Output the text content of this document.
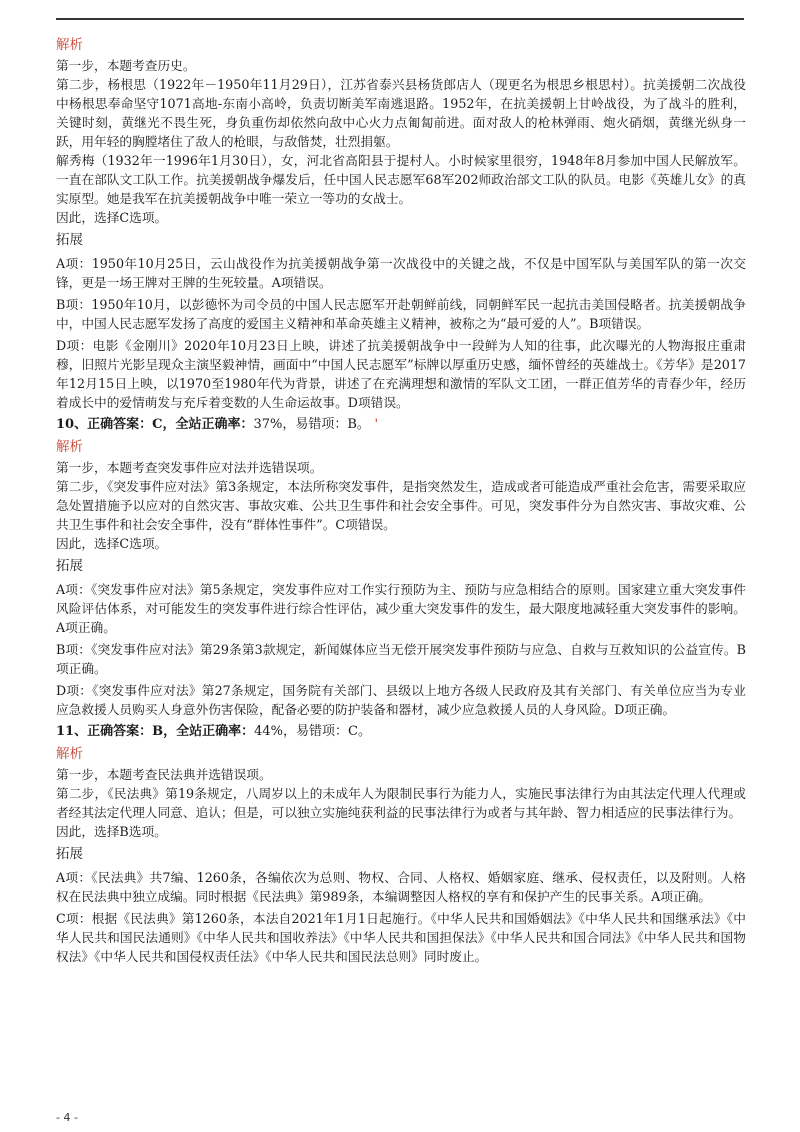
解析

第一步，本题考查历史。

第二步，杨根思（1922年－1950年11月29日），江苏省泰兴县杨货郎店人（现更名为根思乡根思村）。抗美援朝二次战役中杨根思奉命坚守1071高地-东南小高岭，负责切断美军南逃退路。1952年，在抗美援朝上甘岭战役，为了战斗的胜利，关键时刻，黄继光不畏生死，身负重伤却依然向敌中心火力点匍匐前进。面对敌人的枪林弹雨、炮火硝烟，黄继光纵身一跃，用年轻的胸膛堵住了敌人的枪眼，与敌偕焚，壮烈捐躯。

解秀梅（1932年一1996年1月30日），女，河北省高阳县于提村人。小时候家里很穷，1948年8月参加中国人民解放军。一直在部队文工队工作。抗美援朝战争爆发后，任中国人民志愿军68军202师政治部文工队的队员。电影《英雄儿女》的真实原型。她是我军在抗美援朝战争中唯一荣立一等功的女战士。

因此，选择C选项。

拓展

A项：1950年10月25日，云山战役作为抗美援朝战争第一次战役中的关键之战，不仅是中国军队与美国军队的第一次交锋，更是一场王牌对王牌的生死较量。A项错误。

B项：1950年10月，以彭德怀为司令员的中国人民志愿军开赴朝鲜前线，同朝鲜军民一起抗击美国侵略者。抗美援朝战争中，中国人民志愿军发扬了高度的爱国主义精神和革命英雄主义精神，被称之为“最可爱的人”。B项错误。

D项：电影《金刚川》2020年10月23日上映，讲述了抗美援朝战争中一段鲜为人知的往事，此次曝光的人物海报庄重肃穆，旧照片光影呈现众主演坚毅神情，画面中“中国人民志愿军”标牌以厚重历史感，缅怀曾经的英雄战士。《芳华》是2017年12月15日上映，以1970至1980年代为背景，讲述了在充满理想和激情的军队文工团，一群正值芳华的青春少年，经历着成长中的爱情萌发与充斥着变数的人生命运故事。D项错误。

10、正确答案：C，全站正确率：37%，易错项：B。 '

解析

第一步，本题考查突发事件应对法并选错误项。

第二步，《突发事件应对法》第3条规定，本法所称突发事件，是指突然发生，造成或者可能造成严重社会危害，需要采取应急处置措施予以应对的自然灾害、事故灾难、公共卫生事件和社会安全事件。可见，突发事件分为自然灾害、事故灾难、公共卫生事件和社会安全事件，没有“群体性事件”。C项错误。

因此，选择C选项。

拓展

A项：《突发事件应对法》第5条规定，突发事件应对工作实行预防为主、预防与应急相结合的原则。国家建立重大突发事件风险评估体系，对可能发生的突发事件进行综合性评估，减少重大突发事件的发生，最大限度地减轻重大突发事件的影响。A项正确。

B项：《突发事件应对法》第29条第3款规定，新闻媒体应当无偿开展突发事件预防与应急、自救与互救知识的公益宣传。B项正确。

D项：《突发事件应对法》第27条规定，国务院有关部门、县级以上地方各级人民政府及其有关部门、有关单位应当为专业应急救援人员购买人身意外伤害保险，配备必要的防护装备和器材，减少应急救援人员的人身风险。D项正确。

11、正确答案：B，全站正确率：44%，易错项：C。

解析

第一步，本题考查民法典并选错误项。

第二步，《民法典》第19条规定，八周岁以上的未成年人为限制民事行为能力人，实施民事法律行为由其法定代理人代理或者经其法定代理人同意、追认；但是，可以独立实施纯获利益的民事法律行为或者与其年龄、智力相适应的民事法律行为。

因此，选择B选项。

拓展

A项：《民法典》共7编、1260条，各编依次为总则、物权、合同、人格权、婚姻家庭、继承、侵权责任，以及附则。人格权在民法典中独立成编。同时根据《民法典》第989条，本编调整因人格权的享有和保护产生的民事关系。A项正确。

C项：根据《民法典》第1260条，本法自2021年1月1日起施行。《中华人民共和国婚姻法》《中华人民共和国继承法》《中华人民共和国民法通则》《中华人民共和国收养法》《中华人民共和国担保法》《中华人民共和国合同法》《中华人民共和国物权法》《中华人民共和国侵权责任法》《中华人民共和国民法总则》同时废止。

- 4 -
